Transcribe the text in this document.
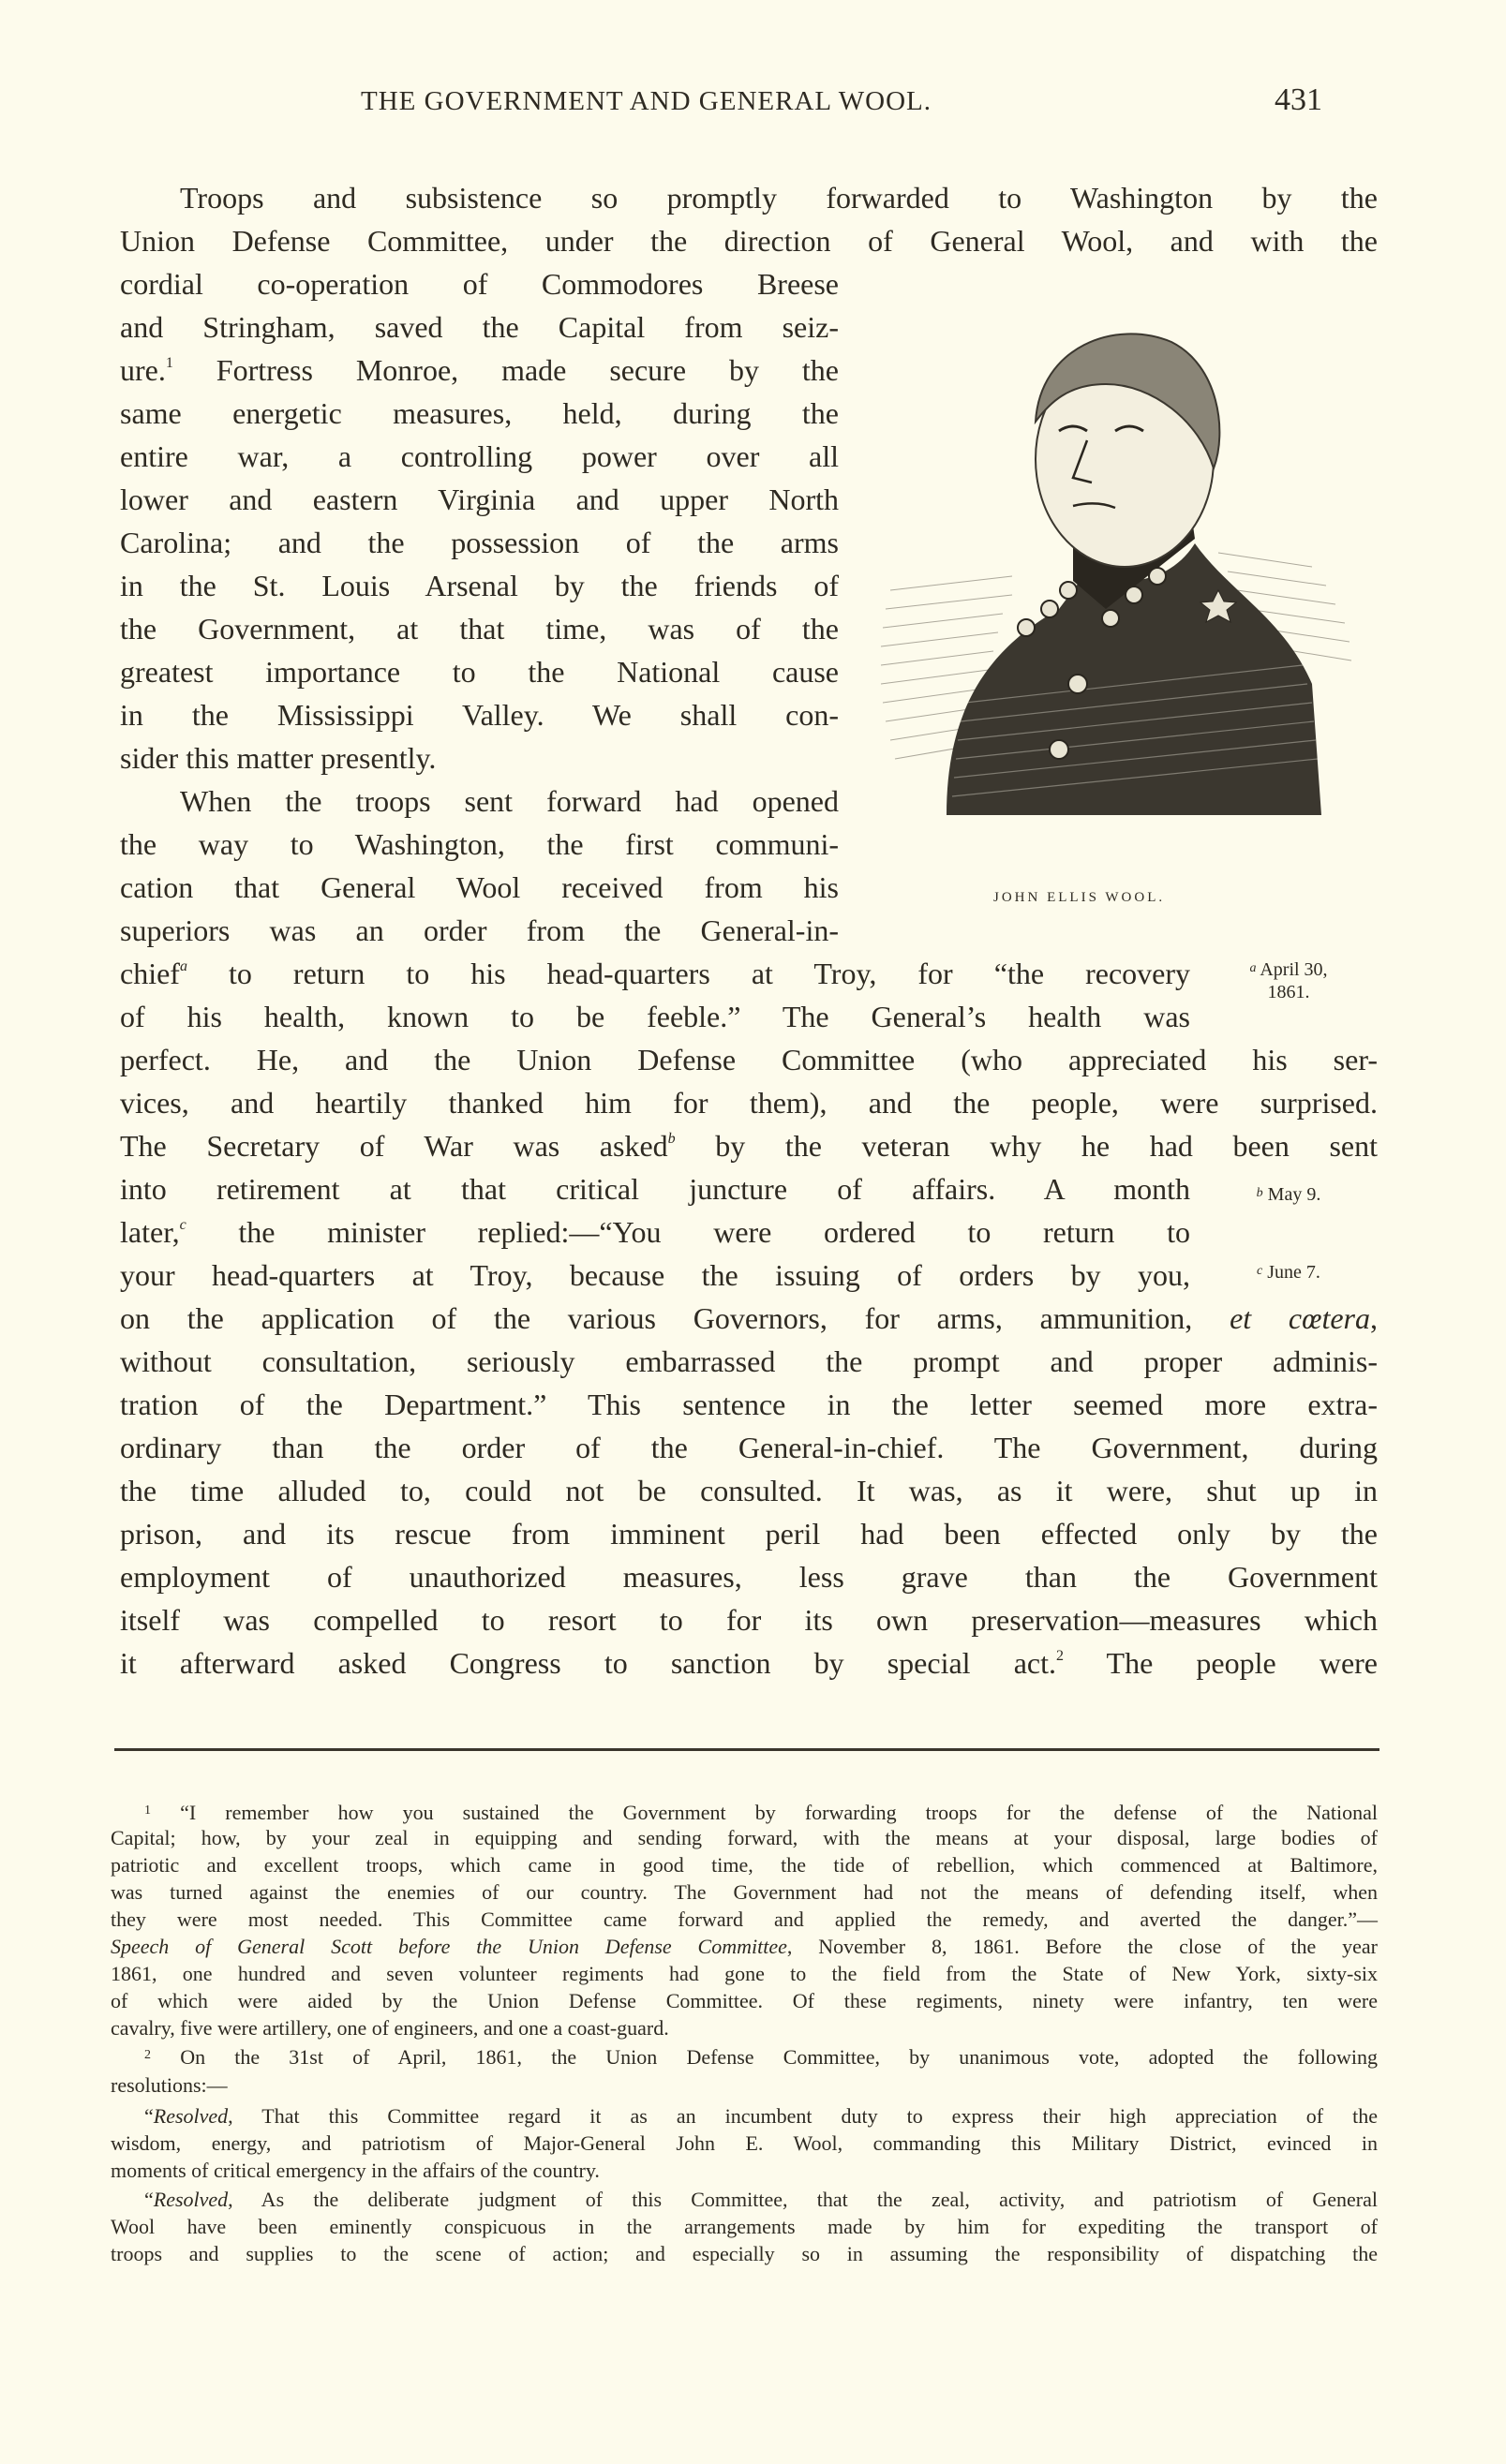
THE GOVERNMENT AND GENERAL WOOL.	431
Troops and subsistence so promptly forwarded to Washington by the
Union Defense Committee, under the direction of General Wool, and with the
cordial co-operation of Commodores Breese
and Stringham, saved the Capital from seiz-
ure.$^1$ Fortress Monroe, made secure by the
same energetic measures, held, during the
entire war, a controlling power over all
lower and eastern Virginia and upper North
Carolina; and the possession of the arms
in the St. Louis Arsenal by the friends of
the Government, at that time, was of the
greatest importance to the National cause
in the Mississippi Valley. We shall con-
sider this matter presently.
When the troops sent forward had opened
the way to Washington, the first communi-
cation that General Wool received from his
superiors was an order from the General-in-
chief$^a$ to return to his head-quarters at Troy, for “the recovery
of his health, known to be feeble.” The General’s health was
perfect. He, and the Union Defense Committee (who appreciated his ser-
vices, and heartily thanked him for them), and the people, were surprised.
The Secretary of War was asked$^b$ by the veteran why he had been sent
into retirement at that critical juncture of affairs. A month
later,$^c$ the minister replied:—“You were ordered to return to
your head-quarters at Troy, because the issuing of orders by you,
on the application of the various Governors, for arms, ammunition, et cœtera,
without consultation, seriously embarrassed the prompt and proper adminis-
tration of the Department.” This sentence in the letter seemed more extra-
ordinary than the order of the General-in-chief. The Government, during
the time alluded to, could not be consulted. It was, as it were, shut up in
prison, and its rescue from imminent peril had been effected only by the
employment of unauthorized measures, less grave than the Government
itself was compelled to resort to for its own preservation—measures which
it afterward asked Congress to sanction by special act.$^2$ The people were
$^a$ April 30,
1861.
$^b$ May 9.
$^c$ June 7.
JOHN ELLIS WOOL.
$^1$ “I remember how you sustained the Government by forwarding troops for the defense of the National
Capital; how, by your zeal in equipping and sending forward, with the means at your disposal, large bodies of
patriotic and excellent troops, which came in good time, the tide of rebellion, which commenced at Baltimore,
was turned against the enemies of our country. The Government had not the means of defending itself, when
they were most needed. This Committee came forward and applied the remedy, and averted the danger.”—
Speech of General Scott before the Union Defense Committee, November 8, 1861. Before the close of the year
1861, one hundred and seven volunteer regiments had gone to the field from the State of New York, sixty-six
of which were aided by the Union Defense Committee. Of these regiments, ninety were infantry, ten were
cavalry, five were artillery, one of engineers, and one a coast-guard.
$^2$ On the 31st of April, 1861, the Union Defense Committee, by unanimous vote, adopted the following
resolutions:—
“Resolved, That this Committee regard it as an incumbent duty to express their high appreciation of the
wisdom, energy, and patriotism of Major-General John E. Wool, commanding this Military District, evinced in
moments of critical emergency in the affairs of the country.
“Resolved, As the deliberate judgment of this Committee, that the zeal, activity, and patriotism of General
Wool have been eminently conspicuous in the arrangements made by him for expediting the transport of
troops and supplies to the scene of action; and especially so in assuming the responsibility of dispatching the
